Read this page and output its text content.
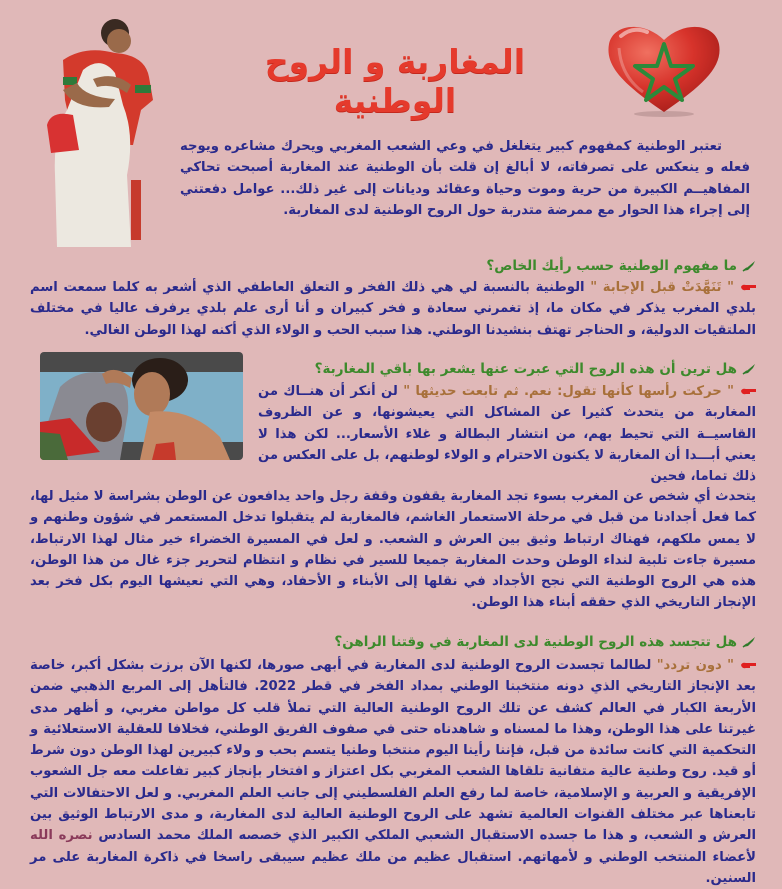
المغاربة و الروح الوطنية

تعتبر الوطنية كمفهوم كبير يتغلغل في وعي الشعب المغربي ويحرك مشاعره ويوجه فعله و ينعكس على تصرفاته، لا أبالغ إن قلت بأن الوطنية عند المغاربة أصبحت تحاكي المفاهيــم الكبيرة من حرية وموت وحياة وعقائد وديانات إلى غير ذلك... عوامل دفعتني إلى إجراء هذا الحوار مع ممرضة متدربة حول الروح الوطنية لدى المغاربة.

ما مفهوم الوطنية حسب رأيك الخاص؟

" تَنَهَّدَتْ قبل الإجابة " الوطنية بالنسبة لي هي ذلك الفخر و التعلق العاطفي الذي أشعر به كلما سمعت اسم بلدي المغرب يذكر في مكان ما، إذ تغمرني سعادة و فخر كبيران و أنا أرى علم بلدي يرفرف عاليا في مختلف الملتقيات الدولية، و الحناجر تهتف بنشيدنا الوطني. هذا سبب الحب و الولاء الذي أكنه لهذا الوطن الغالي.

هل ترين أن هذه الروح التي عبرت عنها يشعر بها باقي المغاربة؟

" حركت رأسها كأنها تقول: نعم. ثم تابعت حديثها " لن أنكر أن هنــاك من المغاربة من يتحدث كثيرا عن المشاكل التي يعيشونها، و عن الظروف القاسيــة التي تحيط بهم، من انتشار البطالة و غلاء الأسعار... لكن هذا لا يعني أبـــدا أن المغاربة لا يكنون الاحترام و الولاء لوطنهم، بل على العكس من ذلك تماما، فحين

يتحدث أي شخص عن المغرب بسوء تجد المغاربة يقفون وقفة رجل واحد يدافعون عن الوطن بشراسة لا مثيل لها، كما فعل أجدادنا من قبل في مرحلة الاستعمار الغاشم، فالمغاربة لم يتقبلوا تدخل المستعمر في شؤون وطنهم و لا يمس ملكهم، فهناك ارتباط وثيق بين العرش و الشعب. و لعل في المسيرة الخضراء خير مثال لهذا الارتباط، مسيرة جاءت تلبية لنداء الوطن وحدت المغاربة جميعا للسير في نظام و انتظام لتحرير جزء غال من هذا الوطن، هذه هي الروح الوطنية التي نجح الأجداد في نقلها إلى الأبناء و الأحفاد، وهي التي نعيشها اليوم بكل فخر بعد الإنجاز التاريخي الذي حققه أبناء هذا الوطن.

هل تتجسد هذه الروح الوطنية لدى المغاربة في وقتنا الراهن؟

" دون تردد" لطالما تجسدت الروح الوطنية لدى المغاربة في أبهى صورها، لكنها الآن برزت بشكل أكبر، خاصة بعد الإنجاز التاريخي الذي دونه منتخبنا الوطني بمداد الفخر في قطر 2022. فالتأهل إلى المربع الذهبي ضمن الأربعة الكبار في العالم كشف عن تلك الروح الوطنية العالية التي تملأ قلب كل مواطن مغربي، و أظهر مدى غيرتنا على هذا الوطن، وهذا ما لمسناه و شاهدناه حتى في صفوف الفريق الوطني، فخلافا للعقلية الاستعلائية و التحكمية التي كانت سائدة من قبل، فإننا رأينا اليوم منتخبا وطنيا يتسم بحب و ولاء كبيرين لهذا الوطن دون شرط أو قيد. روح وطنية عالية متفانية تلقاها الشعب المغربي بكل اعتزاز و افتخار بإنجاز كبير تفاعلت معه جل الشعوب الإفريقية و العربية و الإسلامية، خاصة لما رفع العلم الفلسطيني إلى جانب العلم المغربي. و لعل الاحتفالات التي تابعناها عبر مختلف القنوات العالمية تشهد على الروح الوطنية العالية لدى المغاربة، و مدى الارتباط الوثيق بين العرش و الشعب، و هذا ما جسده الاستقبال الشعبي الملكي الكبير الذي خصصه الملك محمد السادس نصره الله لأعضاء المنتخب الوطني و لأمهاتهم. استقبال عظيم من ملك عظيم سيبقى راسخا في ذاكرة المغاربة على مر السنين.
